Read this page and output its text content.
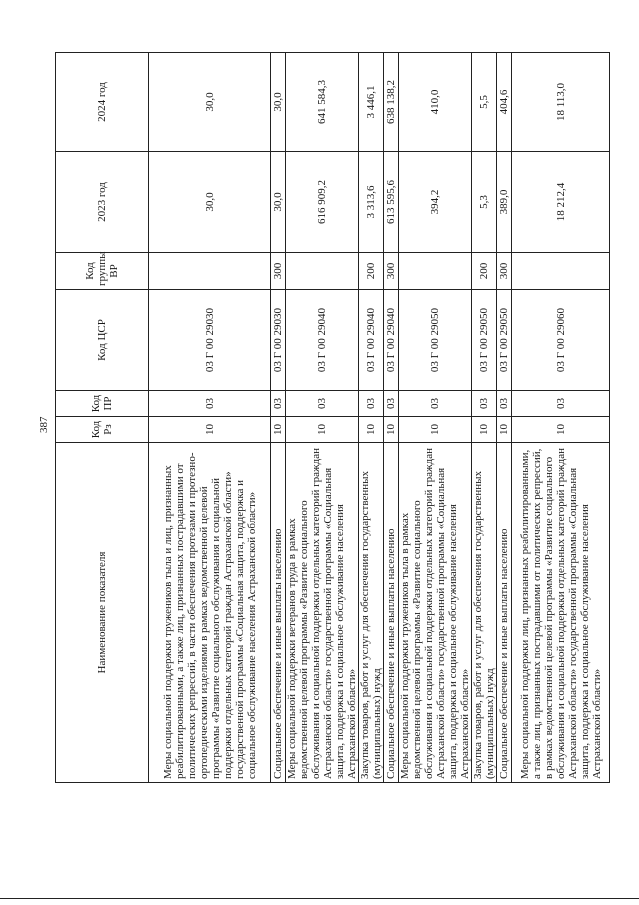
387
Наименование показателя	Код Рз	Код ПР	Код ЦСР	Код группы ВР	2023 год	2024 год
Меры социальной поддержки тружеников тыла и лиц, признанных реабилитированными, а также лиц, признанных пострадавшими от политических репрессий, в части обеспечения протезами и протезно-ортопедическими изделиями в рамках ведомственной целевой программы «Развитие социального обслуживания и социальной поддержки отдельных категорий граждан Астраханской области» государственной программы «Социальная защита, поддержка и социальное обслуживание населения Астраханской области»	10	03	03 Г 00 29030		30,0	30,0
Социальное обеспечение и иные выплаты населению	10	03	03 Г 00 29030	300	30,0	30,0
Меры социальной поддержки ветеранов труда в рамках ведомственной целевой программы «Развитие социального обслуживания и социальной поддержки отдельных категорий граждан Астраханской области» государственной программы «Социальная защита, поддержка и социальное обслуживание населения Астраханской области»	10	03	03 Г 00 29040		616 909,2	641 584,3
Закупка товаров, работ и услуг для обеспечения государственных (муниципальных) нужд	10	03	03 Г 00 29040	200	3 313,6	3 446,1
Социальное обеспечение и иные выплаты населению	10	03	03 Г 00 29040	300	613 595,6	638 138,2
Меры социальной поддержки тружеников тыла в рамках ведомственной целевой программы «Развитие социального обслуживания и социальной поддержки отдельных категорий граждан Астраханской области» государственной программы «Социальная защита, поддержка и социальное обслуживание населения Астраханской области»	10	03	03 Г 00 29050		394,2	410,0
Закупка товаров, работ и услуг для обеспечения государственных (муниципальных) нужд	10	03	03 Г 00 29050	200	5,3	5,5
Социальное обеспечение и иные выплаты населению	10	03	03 Г 00 29050	300	389,0	404,6
Меры социальной поддержки лиц, признанных реабилитированными, а также лиц, признанных пострадавшими от политических репрессий, в рамках ведомственной целевой программы «Развитие социального обслуживания и социальной поддержки отдельных категорий граждан Астраханской области» государственной программы «Социальная защита, поддержка и социальное обслуживание населения Астраханской области»	10	03	03 Г 00 29060		18 212,4	18 113,0
